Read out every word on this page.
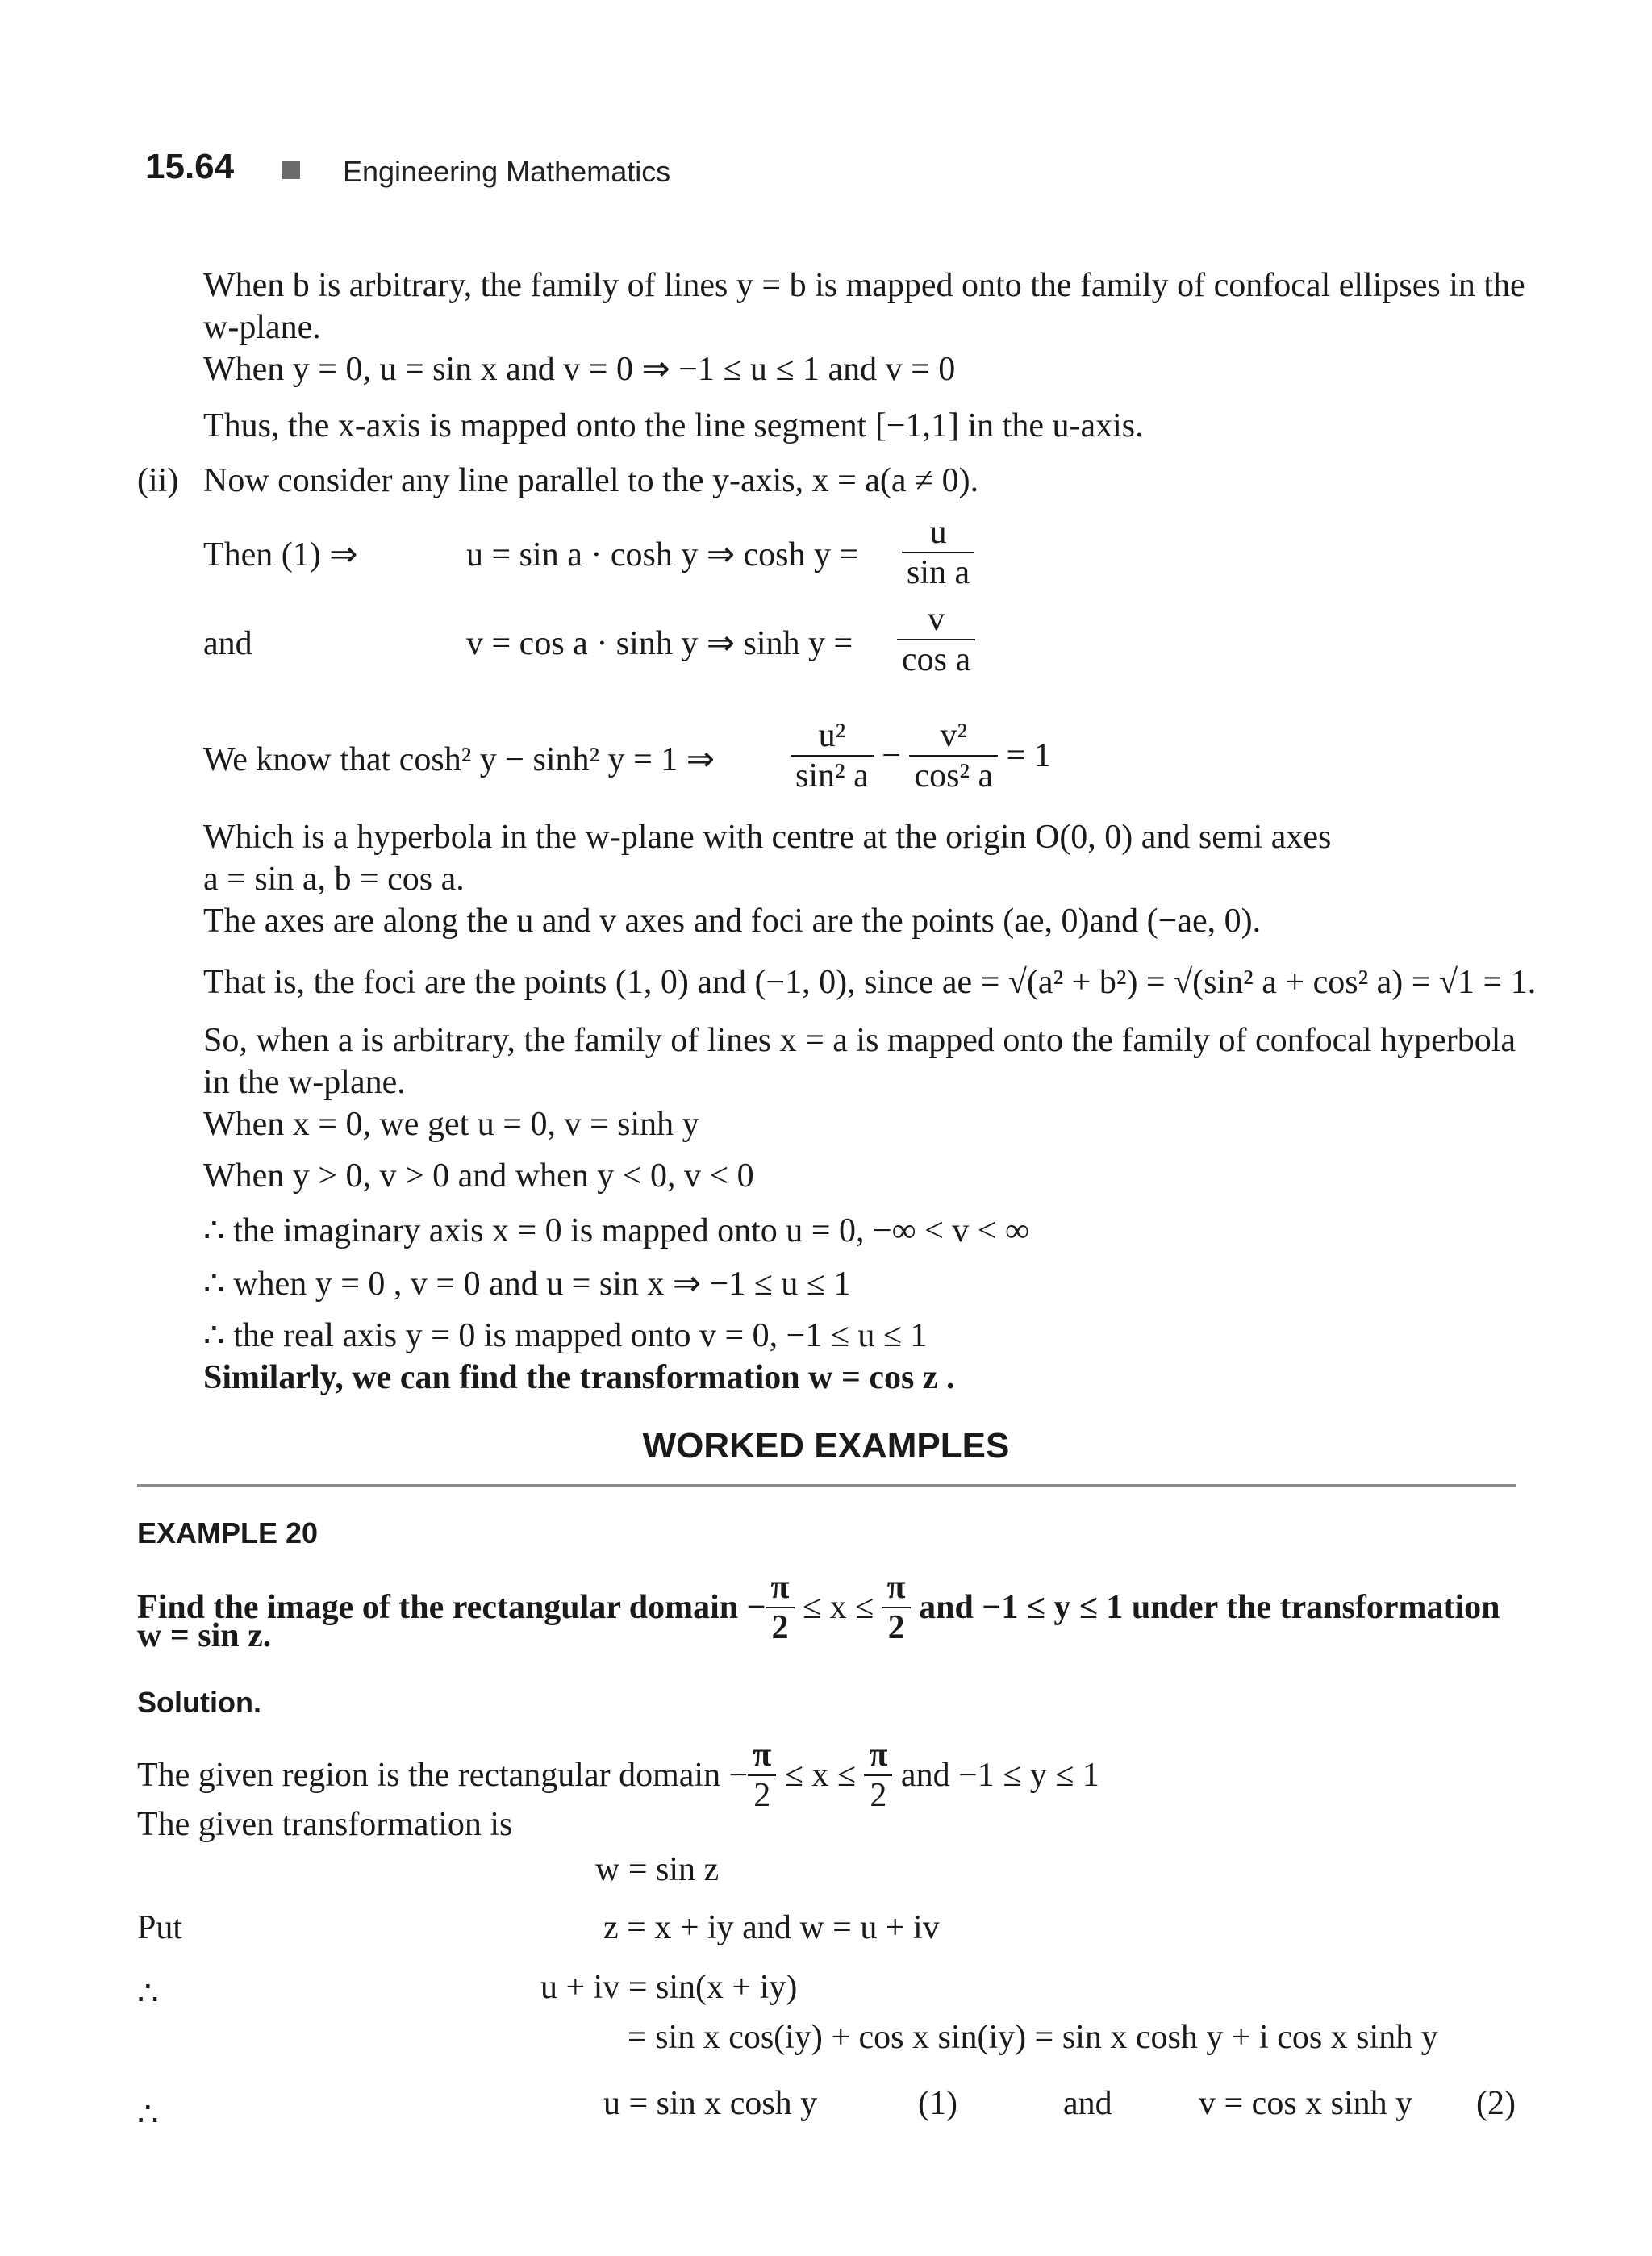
15.64	Engineering Mathematics
When b is arbitrary, the family of lines y = b is mapped onto the family of confocal ellipses in the
w-plane.
When y = 0, u = sin x and v = 0 ⇒ −1 ≤ u ≤ 1 and v = 0
Thus, the x-axis is mapped onto the line segment [−1,1] in the u-axis.
(ii) Now consider any line parallel to the y-axis, x = a(a ≠ 0).
Then (1) ⇒	u = sin a · cosh y ⇒ $\cosh y = \frac{u}{\text{sin a}}$
and	v = cos a · sinh y ⇒ $\sinh y = \frac{v}{\text{cos a}}$
We know that cosh² y − sinh² y = 1 ⇒ $\frac{\text{u²}}{\text{sin² a}} - \frac{\text{v²}}{\text{cos² a}} = 1$
Which is a hyperbola in the w-plane with centre at the origin O(0, 0) and semi axes
a = sin a, b = cos a.
The axes are along the u and v axes and foci are the points (ae, 0)and (−ae, 0).
That is, the foci are the points (1, 0) and (−1, 0), since ae = √(a² + b²) = √(sin² a + cos² a) = √1 = 1.
So, when a is arbitrary, the family of lines x = a is mapped onto the family of confocal hyperbola
in the w-plane.
When x = 0, we get u = 0, v = sinh y
When y > 0, v > 0 and when y < 0, v < 0
∴ the imaginary axis x = 0 is mapped onto u = 0, −∞ < v < ∞
∴ when y = 0 , v = 0 and u = sin x ⇒ −1 ≤ u ≤ 1
∴ the real axis y = 0 is mapped onto v = 0, −1 ≤ u ≤ 1
Similarly, we can find the transformation w = cos z .
WORKED EXAMPLES
EXAMPLE 20
Find the image of the rectangular domain − $\frac{\pi}{2} \le x \le \frac{\pi}{2}$ and −1 ≤ y ≤ 1 under the transformation
w = sin z.
Solution.
The given region is the rectangular domain − $\frac{\pi}{2} \le x \le \frac{\pi}{2}$ and −1 ≤ y ≤ 1
The given transformation is
w = sin z
Put	z = x + iy and w = u + iv
∴	u + iv = sin(x + iy)
= sin x cos(iy) + cos x sin(iy) = sin x cosh y + i cos x sinh y
∴	u = sin x cosh y	(1)	and	v = cos x sinh y (2)
